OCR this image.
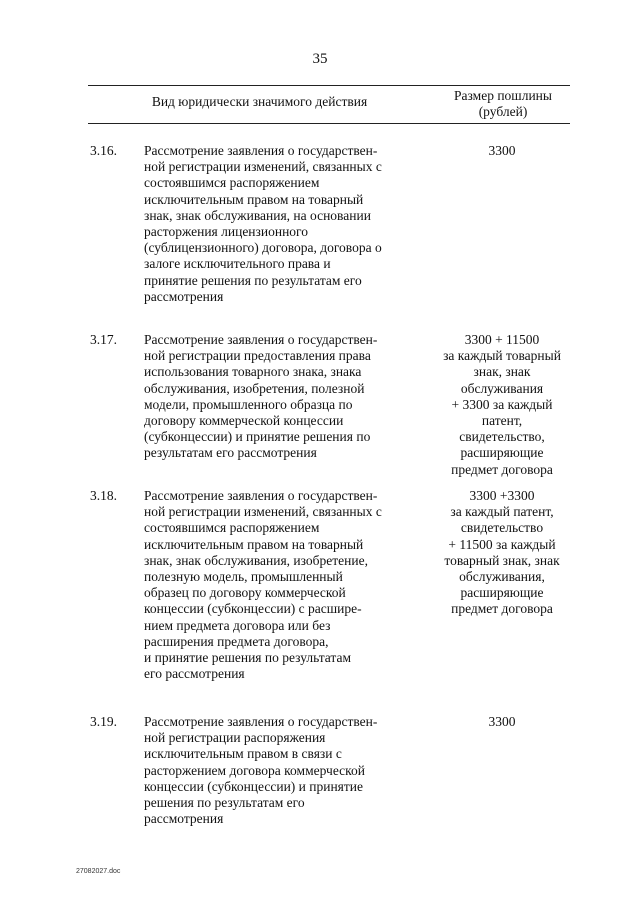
35
Вид юридически значимого действия	Размер пошлины
(рублей)
3.16. Рассмотрение заявления о государствен-
ной регистрации изменений, связанных с
состоявшимся распоряжением
исключительным правом на товарный
знак, знак обслуживания, на основании
расторжения лицензионного
(сублицензионного) договора, договора о
залоге исключительного права и
принятие решения по результатам его
рассмотрения
3300
3.17. Рассмотрение заявления о государствен-
ной регистрации предоставления права
использования товарного знака, знака
обслуживания, изобретения, полезной
модели, промышленного образца по
договору коммерческой концессии
(субконцессии) и принятие решения по
результатам его рассмотрения
3300 + 11500
за каждый товарный
знак, знак
обслуживания
+ 3300 за каждый
патент,
свидетельство,
расширяющие
предмет договора
3.18. Рассмотрение заявления о государствен-
ной регистрации изменений, связанных с
состоявшимся распоряжением
исключительным правом на товарный
знак, знак обслуживания, изобретение,
полезную модель, промышленный
образец по договору коммерческой
концессии (субконцессии) с расшире-
нием предмета договора или без
расширения предмета договора,
и принятие решения по результатам
его рассмотрения
3300 +3300
за каждый патент,
свидетельство
+ 11500 за каждый
товарный знак, знак
обслуживания,
расширяющие
предмет договора
3.19. Рассмотрение заявления о государствен-
ной регистрации распоряжения
исключительным правом в связи с
расторжением договора коммерческой
концессии (субконцессии) и принятие
решения по результатам его
рассмотрения
3300
27082027.doc
